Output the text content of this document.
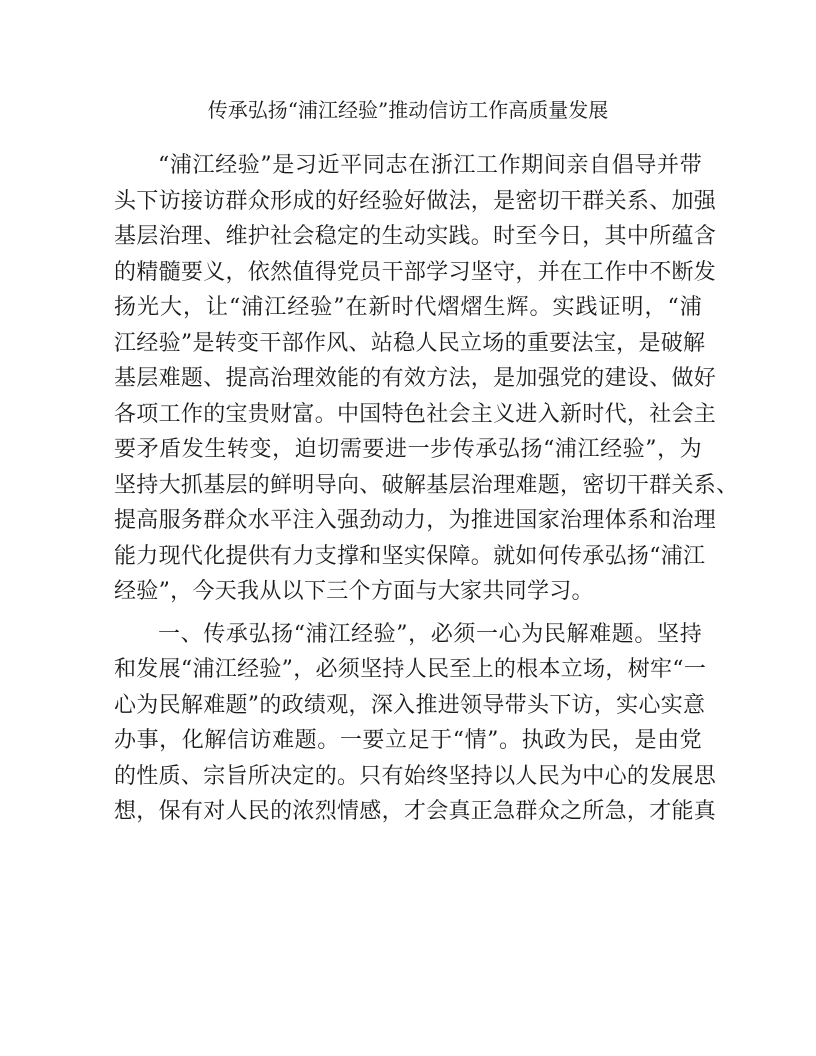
传承弘扬“浦江经验”推动信访工作高质量发展

“浦江经验”是习近平同志在浙江工作期间亲自倡导并带
头下访接访群众形成的好经验好做法，是密切干群关系、加强
基层治理、维护社会稳定的生动实践。时至今日，其中所蕴含
的精髓要义，依然值得党员干部学习坚守，并在工作中不断发
扬光大，让“浦江经验”在新时代熠熠生辉。实践证明，“浦
江经验”是转变干部作风、站稳人民立场的重要法宝，是破解
基层难题、提高治理效能的有效方法，是加强党的建设、做好
各项工作的宝贵财富。中国特色社会主义进入新时代，社会主
要矛盾发生转变，迫切需要进一步传承弘扬“浦江经验”，为
坚持大抓基层的鲜明导向、破解基层治理难题，密切干群关系、
提高服务群众水平注入强劲动力，为推进国家治理体系和治理
能力现代化提供有力支撑和坚实保障。就如何传承弘扬“浦江
经验”，今天我从以下三个方面与大家共同学习。

一、传承弘扬“浦江经验”，必须一心为民解难题。坚持
和发展“浦江经验”，必须坚持人民至上的根本立场，树牢“一
心为民解难题”的政绩观，深入推进领导带头下访，实心实意
办事，化解信访难题。一要立足于“情”。执政为民，是由党
的性质、宗旨所决定的。只有始终坚持以人民为中心的发展思
想，保有对人民的浓烈情感，才会真正急群众之所急，才能真
